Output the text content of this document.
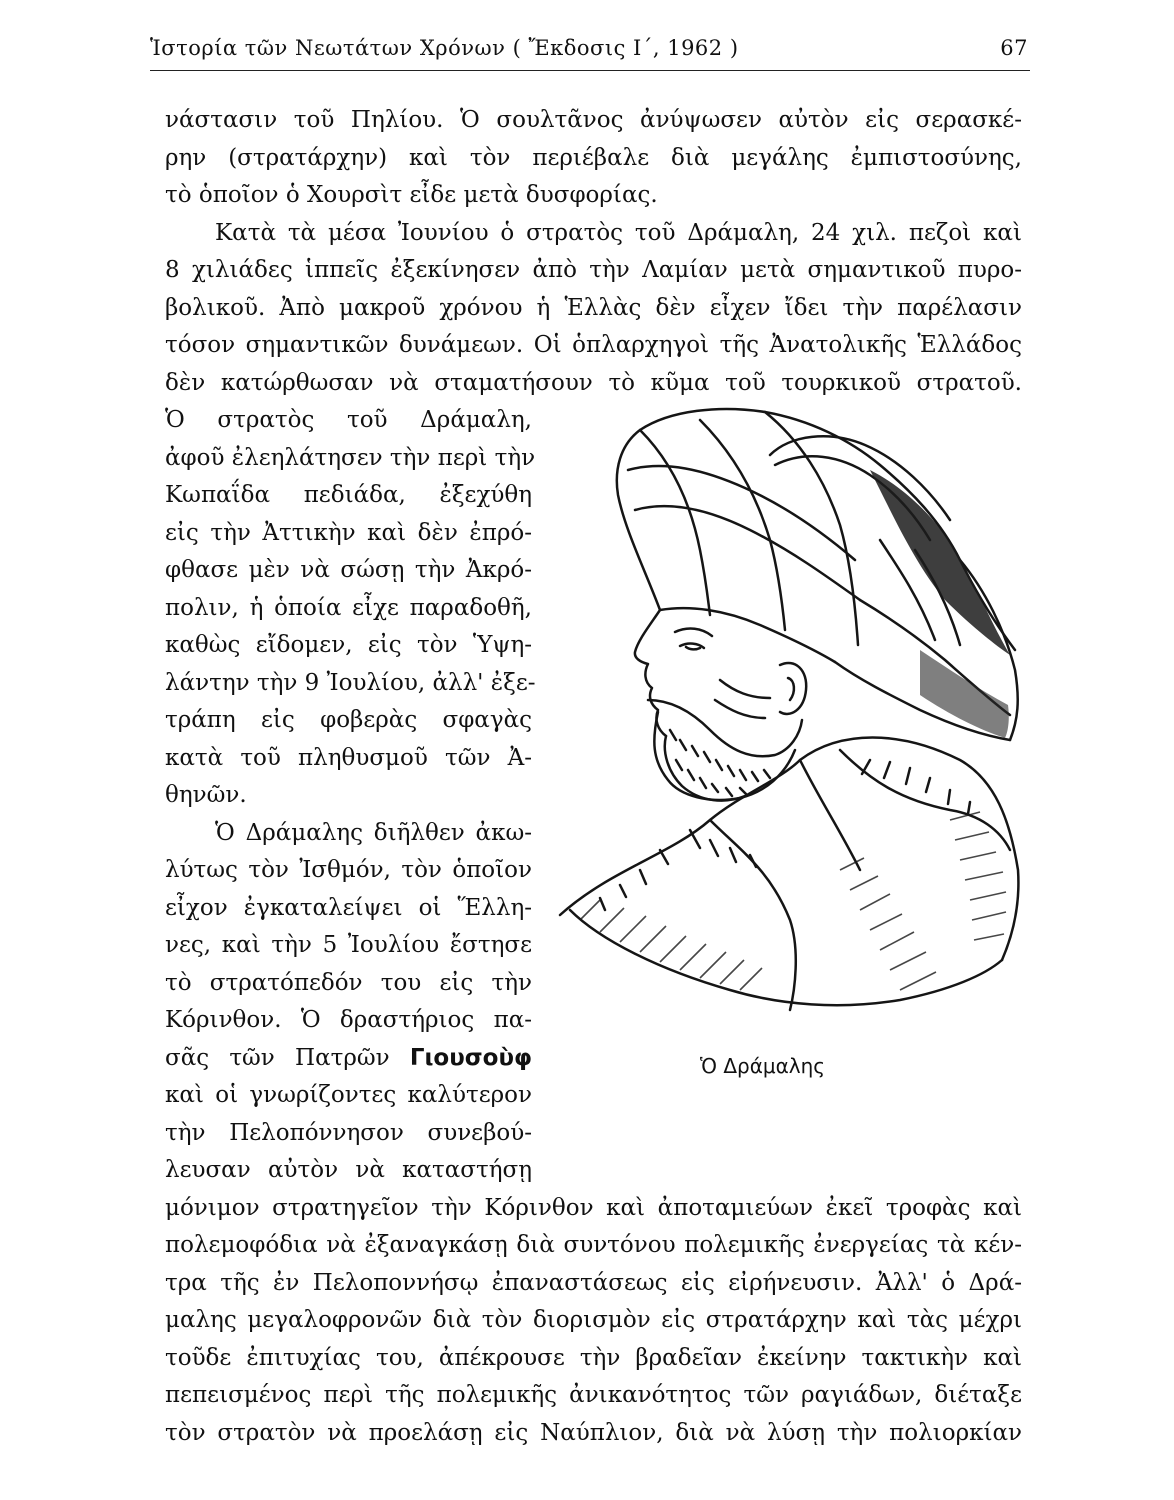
Ἱστορία τῶν Νεωτάτων Χρόνων ( Ἔκδοσις Ι΄, 1962 )	67
νάστασιν τοῦ Πηλίου. Ὁ σουλτᾶνος ἀνύψωσεν αὐτὸν εἰς σερασκέ-
ρην (στρατάρχην) καὶ τὸν περιέβαλε διὰ μεγάλης ἐμπιστοσύνης,
τὸ ὁποῖον ὁ Χουρσὶτ εἶδε μετὰ δυσφορίας.
Κατὰ τὰ μέσα Ἰουνίου ὁ στρατὸς τοῦ Δράμαλη, 24 χιλ. πεζοὶ καὶ
8 χιλιάδες ἱππεῖς ἐξεκίνησεν ἀπὸ τὴν Λαμίαν μετὰ σημαντικοῦ πυρο-
βολικοῦ. Ἀπὸ μακροῦ χρόνου ἡ Ἑλλὰς δὲν εἶχεν ἴδει τὴν παρέλασιν
τόσον σημαντικῶν δυνάμεων. Οἱ ὁπλαρχηγοὶ τῆς Ἀνατολικῆς Ἑλλάδος
δὲν κατώρθωσαν νὰ σταματήσουν τὸ κῦμα τοῦ τουρκικοῦ στρατοῦ.
Ὁ στρατὸς τοῦ Δράμαλη,
ἀφοῦ ἐλεηλάτησεν τὴν περὶ τὴν
Κωπαΐδα πεδιάδα, ἐξεχύθη
εἰς τὴν Ἀττικὴν καὶ δὲν ἐπρό-
φθασε μὲν νὰ σώσῃ τὴν Ἀκρό-
πολιν, ἡ ὁποία εἶχε παραδοθῆ,
καθὼς εἴδομεν, εἰς τὸν Ὑψη-
λάντην τὴν 9 Ἰουλίου, ἀλλ' ἐξε-
τράπη εἰς φοβερὰς σφαγὰς
κατὰ τοῦ πληθυσμοῦ τῶν Ἀ-
θηνῶν.
Ὁ Δράμαλης διῆλθεν ἀκω-
λύτως τὸν Ἰσθμόν, τὸν ὁποῖον
εἶχον ἐγκαταλείψει οἱ Ἕλλη-
νες, καὶ τὴν 5 Ἰουλίου ἔστησε
τὸ στρατόπεδόν του εἰς τὴν
Κόρινθον. Ὁ δραστήριος πα-
σᾶς τῶν Πατρῶν Γιουσοὺφ
καὶ οἱ γνωρίζοντες καλύτερον
τὴν Πελοπόννησον συνεβού-
λευσαν αὐτὸν νὰ καταστήσῃ
μόνιμον στρατηγεῖον τὴν Κόρινθον καὶ ἀποταμιεύων ἐκεῖ τροφὰς καὶ
πολεμοφόδια νὰ ἐξαναγκάσῃ διὰ συντόνου πολεμικῆς ἐνεργείας τὰ κέν-
τρα τῆς ἐν Πελοποννήσῳ ἐπαναστάσεως εἰς εἰρήνευσιν. Ἀλλ' ὁ Δρά-
μαλης μεγαλοφρονῶν διὰ τὸν διορισμὸν εἰς στρατάρχην καὶ τὰς μέχρι
τοῦδε ἐπιτυχίας του, ἀπέκρουσε τὴν βραδεῖαν ἐκείνην τακτικὴν καὶ
πεπεισμένος περὶ τῆς πολεμικῆς ἀνικανότητος τῶν ραγιάδων, διέταξε
τὸν στρατὸν νὰ προελάσῃ εἰς Ναύπλιον, διὰ νὰ λύσῃ τὴν πολιορκίαν
Ὁ Δράμαλης
